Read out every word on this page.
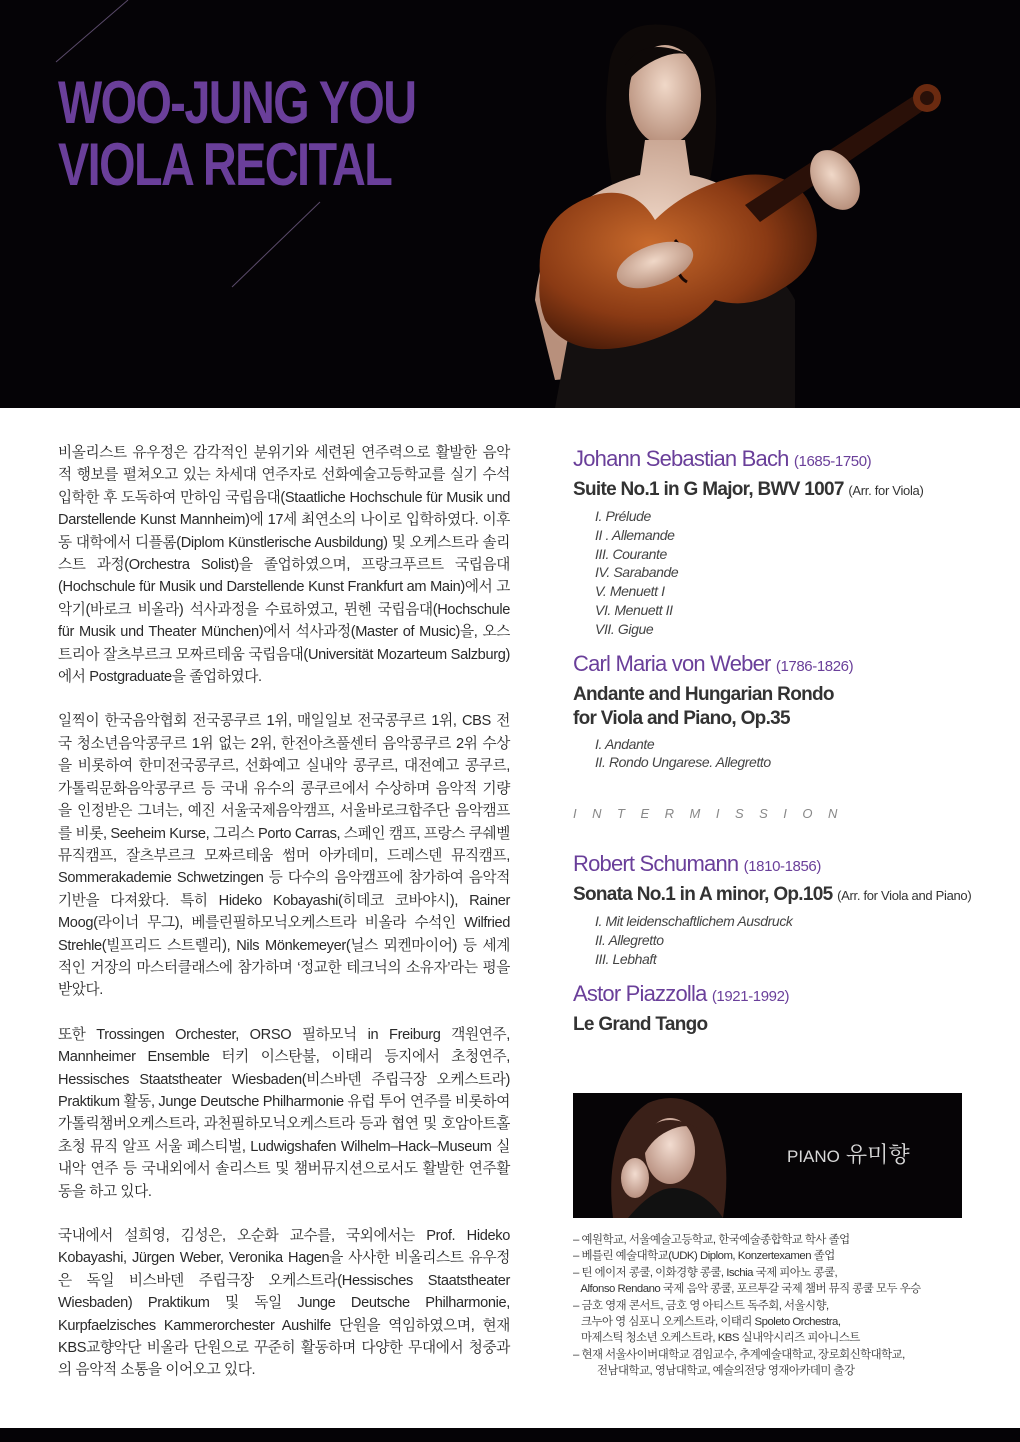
WOO-JUNG YOU
VIOLA RECITAL

비올리스트 유우정은 감각적인 분위기와 세련된 연주력으로 활발한 음악적 행보를 펼쳐오고 있는 차세대 연주자로 선화예술고등학교를 실기 수석 입학한 후 도독하여 만하임 국립음대(Staatliche Hochschule für Musik und Darstellende Kunst Mannheim)에 17세 최연소의 나이로 입학하였다. 이후 동 대학에서 디플롬(Diplom Künstlerische Ausbildung) 및 오케스트라 솔리스트 과정(Orchestra Solist)을 졸업하였으며, 프랑크푸르트 국립음대(Hochschule für Musik und Darstellende Kunst Frankfurt am Main)에서 고악기(바로크 비올라) 석사과정을 수료하였고, 뮌헨 국립음대(Hochschule für Musik und Theater München)에서 석사과정(Master of Music)을, 오스트리아 잘츠부르크 모짜르테움 국립음대(Universität Mozarteum Salzburg)에서 Postgraduate을 졸업하였다.

일찍이 한국음악협회 전국콩쿠르 1위, 매일일보 전국콩쿠르 1위, CBS 전국 청소년음악콩쿠르 1위 없는 2위, 한전아츠풀센터 음악콩쿠르 2위 수상을 비롯하여 한미전국콩쿠르, 선화예고 실내악 콩쿠르, 대전예고 콩쿠르, 가톨릭문화음악콩쿠르 등 국내 유수의 콩쿠르에서 수상하며 음악적 기량을 인정받은 그녀는, 예진 서울국제음악캠프, 서울바로크합주단 음악캠프를 비롯, Seeheim Kurse, 그리스 Porto Carras, 스페인 캠프, 프랑스 쿠쉐벨 뮤직캠프, 잘츠부르크 모짜르테움 썸머 아카데미, 드레스덴 뮤직캠프, Sommerakademie Schwetzingen 등 다수의 음악캠프에 참가하여 음악적 기반을 다져왔다. 특히 Hideko Kobayashi(히데코 코바야시), Rainer Moog(라이너 무그), 베를린필하모닉오케스트라 비올라 수석인 Wilfried Strehle(빌프리드 스트렐리), Nils Mönkemeyer(닐스 뫼켄마이어) 등 세계적인 거장의 마스터클래스에 참가하며 ‘정교한 테크닉의 소유자’라는 평을 받았다.

또한 Trossingen Orchester, ORSO 필하모닉 in Freiburg 객원연주, Mannheimer Ensemble 터키 이스탄불, 이태리 등지에서 초청연주, Hessisches Staatstheater Wiesbaden(비스바덴 주립극장 오케스트라) Praktikum 활동, Junge Deutsche Philharmonie 유럽 투어 연주를 비롯하여 가톨릭챔버오케스트라, 과천필하모닉오케스트라 등과 협연 및 호암아트홀 초청 뮤직 알프 서울 페스티벌, Ludwigshafen Wilhelm–Hack–Museum 실내악 연주 등 국내외에서 솔리스트 및 챔버뮤지션으로서도 활발한 연주활동을 하고 있다.

국내에서 설희영, 김성은, 오순화 교수를, 국외에서는 Prof. Hideko Kobayashi, Jürgen Weber, Veronika Hagen을 사사한 비올리스트 유우정은 독일 비스바덴 주립극장 오케스트라(Hessisches Staatstheater Wiesbaden) Praktikum 및 독일 Junge Deutsche Philharmonie, Kurpfaelzisches Kammerorchester Aushilfe 단원을 역임하였으며, 현재 KBS교향악단 비올라 단원으로 꾸준히 활동하며 다양한 무대에서 청중과의 음악적 소통을 이어오고 있다.

Johann Sebastian Bach (1685-1750)
Suite No.1 in G Major, BWV 1007 (Arr. for Viola)
I. Prélude
II . Allemande
III. Courante
IV. Sarabande
V. Menuett I
VI. Menuett II
VII. Gigue
Carl Maria von Weber (1786-1826)
Andante and Hungarian Rondo
for Viola and Piano, Op.35
I. Andante
II. Rondo Ungarese. Allegretto
INTERMISSION
Robert Schumann (1810-1856)
Sonata No.1 in A minor, Op.105 (Arr. for Viola and Piano)
I. Mit leidenschaftlichem Ausdruck
II. Allegretto
III. Lebhaft
Astor Piazzolla (1921-1992)
Le Grand Tango
PIANO 유미향
– 예원학교, 서울예술고등학교, 한국예술종합학교 학사 졸업
– 베를린 예술대학교(UDK) Diplom, Konzertexamen 졸업
– 틴 에이저 콩쿨, 이화경향 콩쿨, Ischia 국제 피아노 콩쿨,
Alfonso Rendano 국제 음악 콩쿨, 포르투갈 국제 챔버 뮤직 콩쿨 모두 우승
– 금호 영재 콘서트, 금호 영 아티스트 독주회, 서울시향,
크누아 영 심포니 오케스트라, 이태리 Spoleto Orchestra,
마제스틱 청소년 오케스트라, KBS 실내악시리즈 피아니스트
– 현재 서울사이버대학교 겸임교수, 추계예술대학교, 장로회신학대학교,
전남대학교, 영남대학교, 예술의전당 영재아카데미 출강
